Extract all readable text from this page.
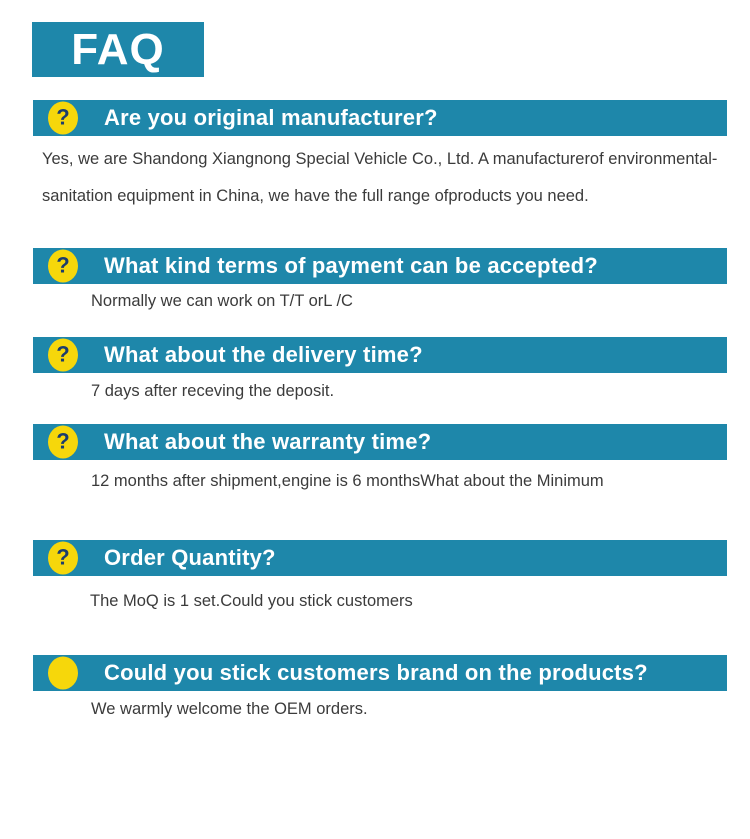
FAQ
? Are you original manufacturer?
Yes, we are Shandong Xiangnong Special Vehicle Co., Ltd. A manufacturerof environmental-
sanitation equipment in China, we have the full range ofproducts you need.
? What kind terms of payment can be accepted?
Normally we can work on T/T orL /C
? What about the delivery time?
7 days after receving the deposit.
? What about the warranty time?
12 months after shipment,engine is 6 monthsWhat about the Minimum
? Order Quantity?
The MoQ is 1 set.Could you stick customers
Could you stick customers brand on the products?
We warmly welcome the OEM orders.
